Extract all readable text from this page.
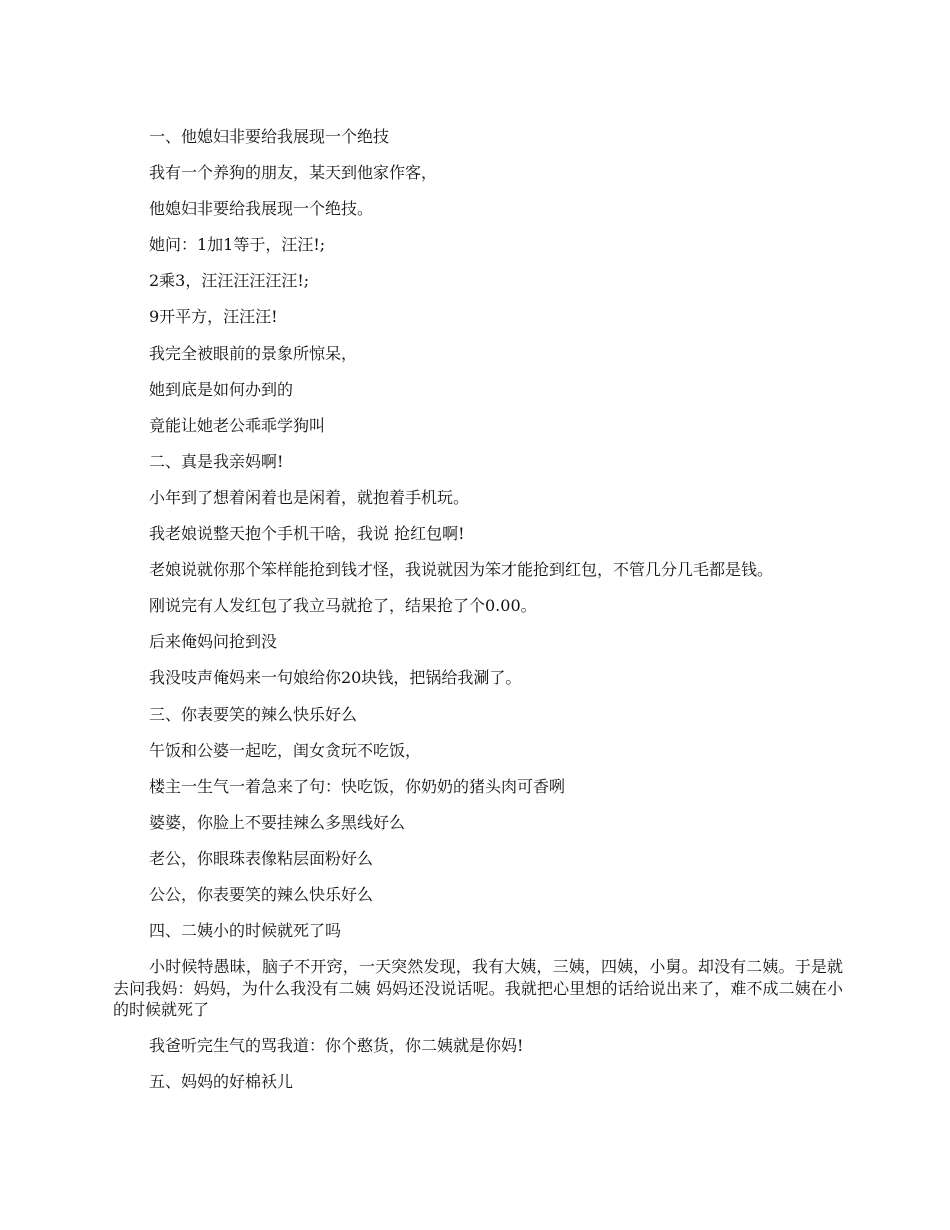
一、他媳妇非要给我展现一个绝技

我有一个养狗的朋友，某天到他家作客，

他媳妇非要给我展现一个绝技。

她问：1加1等于，汪汪!;

2乘3，汪汪汪汪汪汪!;

9开平方，汪汪汪!

我完全被眼前的景象所惊呆，

她到底是如何办到的

竟能让她老公乖乖学狗叫

二、真是我亲妈啊!

小年到了想着闲着也是闲着，就抱着手机玩。

我老娘说整天抱个手机干啥，我说 抢红包啊!

老娘说就你那个笨样能抢到钱才怪，我说就因为笨才能抢到红包，不管几分几毛都是钱。

刚说完有人发红包了我立马就抢了，结果抢了个0.00。

后来俺妈问抢到没

我没吱声俺妈来一句娘给你20块钱，把锅给我涮了。

三、你表要笑的辣么快乐好么

午饭和公婆一起吃，闺女贪玩不吃饭，

楼主一生气一着急来了句：快吃饭，你奶奶的猪头肉可香咧

婆婆，你脸上不要挂辣么多黑线好么

老公，你眼珠表像粘层面粉好么

公公，你表要笑的辣么快乐好么

四、二姨小的时候就死了吗

小时候特愚昧，脑子不开窍，一天突然发现，我有大姨，三姨，四姨，小舅。却没有二姨。于是就去问我妈：妈妈，为什么我没有二姨 妈妈还没说话呢。我就把心里想的话给说出来了，难不成二姨在小的时候就死了

我爸听完生气的骂我道：你个憨货，你二姨就是你妈!

五、妈妈的好棉袄儿
